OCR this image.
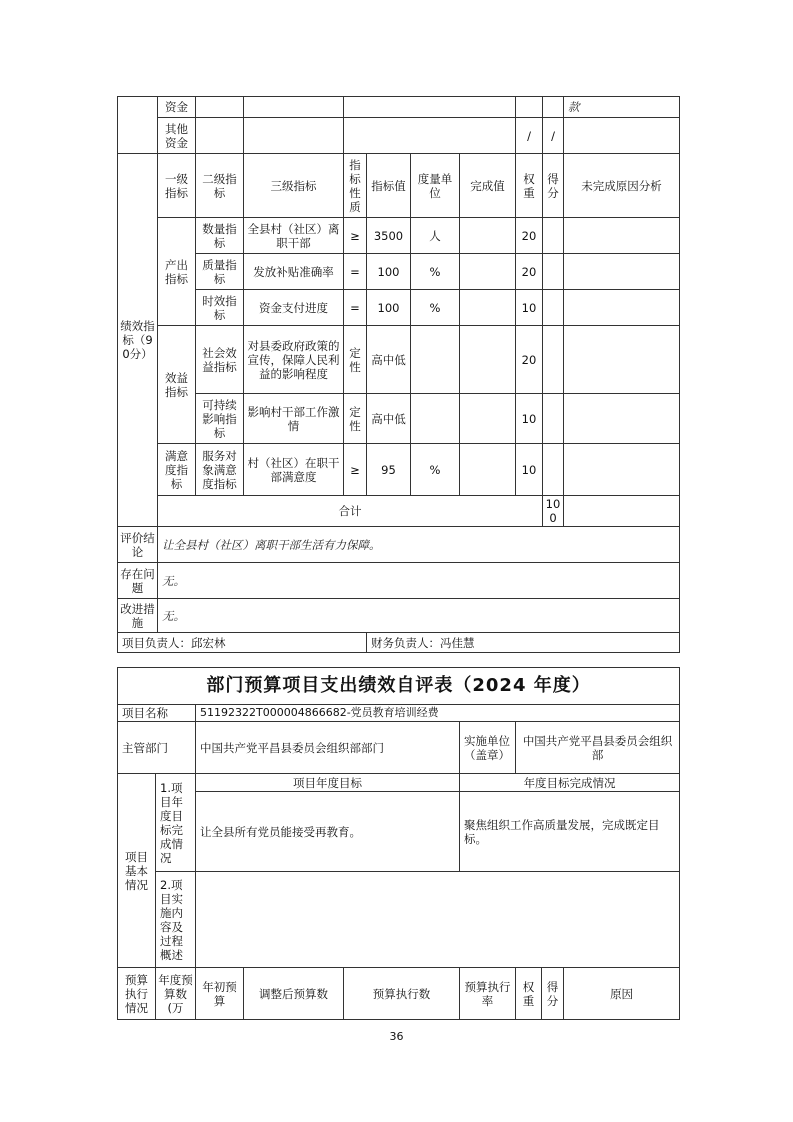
	资金									款	
	其他资金							/	/		
绩效指标（90分）	一级指标	二级指标	三级指标	指标性质	指标值	度量单位	完成值	权重	得分	未完成原因分析	
	产出指标	数量指标	全县村（社区）离职干部	≥	3500	人		20			
		质量指标	发放补贴准确率	=	100	%		20			
		时效指标	资金支付进度	=	100	%		10			
	效益指标	社会效益指标	对县委政府政策的宣传，保障人民利益的影响程度	定性	高中低			20			
		可持续影响指标	影响村干部工作激情	定性	高中低			10			
	满意度指标	服务对象满意度指标	村（社区）在职干部满意度	≥	95	%		10			
	合计								100		
评价结论	让全县村（社区）离职干部生活有力保障。										
存在问题	无。										
改进措施	无。										
项目负责人：邱宏林					财务负责人：冯佳慧						
部门预算项目支出绩效自评表（2024 年度）								
项目名称		51192322T000004866682-党员教育培训经费						
主管部门		中国共产党平昌县委员会组织部部门			实施单位（盖章）	中国共产党平昌县委员会组织部		
项目基本情况	1.项目年度目标完成情况	项目年度目标			年度目标完成情况			
		让全县所有党员能接受再教育。			聚焦组织工作高质量发展，完成既定目标。			
	2.项目实施内容及过程概述							
预算执行情况	年度预算数(万	年初预算	调整后预算数	预算执行数	预算执行率	权重	得分	原因
36
